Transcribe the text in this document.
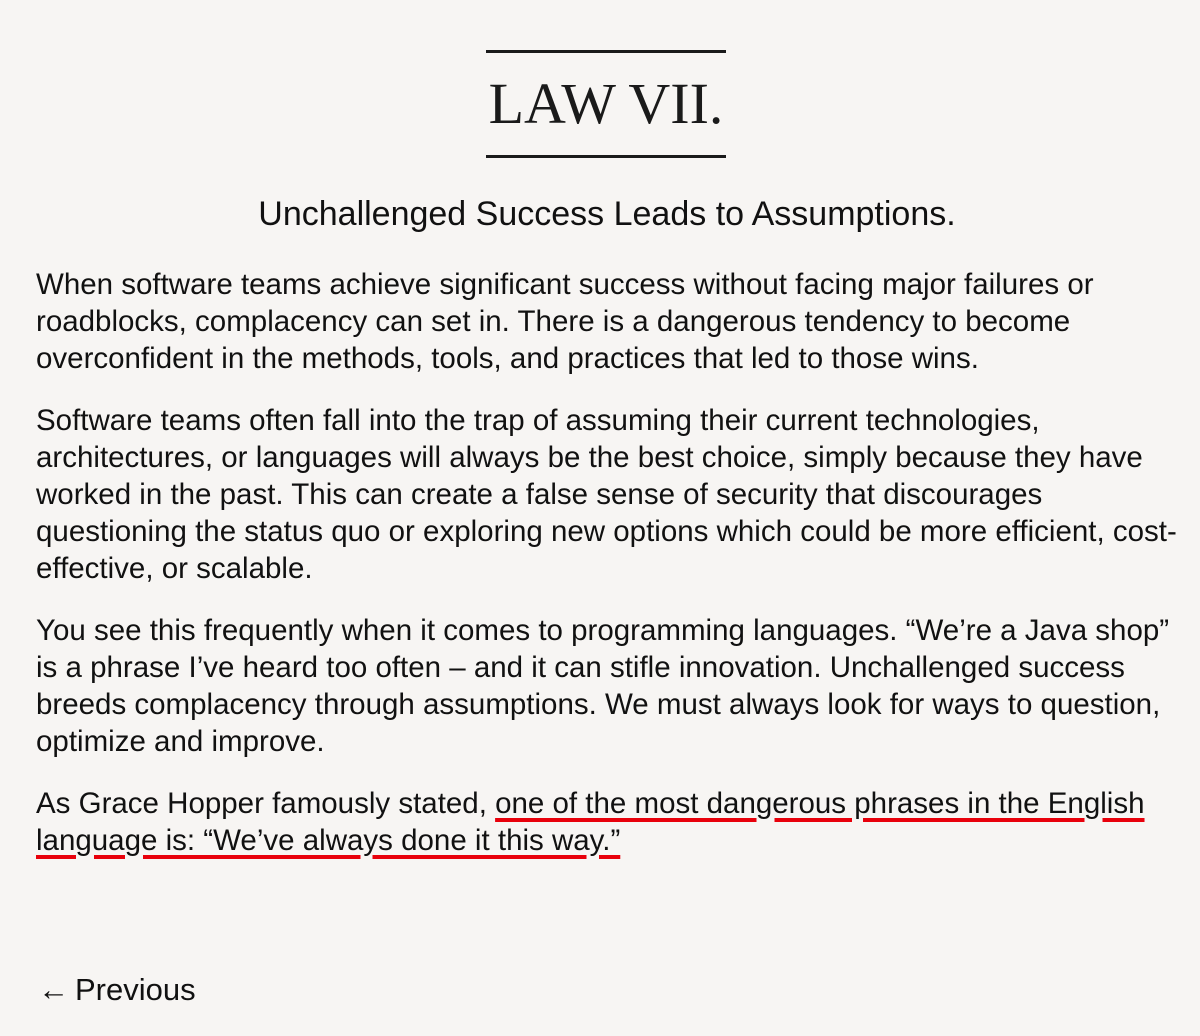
LAW VII.
Unchallenged Success Leads to Assumptions.

When software teams achieve significant success without facing major failures or roadblocks, complacency can set in. There is a dangerous tendency to become overconfident in the methods, tools, and practices that led to those wins.

Software teams often fall into the trap of assuming their current technologies, architectures, or languages will always be the best choice, simply because they have worked in the past. This can create a false sense of security that discourages questioning the status quo or exploring new options which could be more efficient, cost-effective, or scalable.

You see this frequently when it comes to programming languages. “We’re a Java shop” is a phrase I’ve heard too often – and it can stifle innovation. Unchallenged success breeds complacency through assumptions. We must always look for ways to question, optimize and improve.

As Grace Hopper famously stated, one of the most dangerous phrases in the English language is: “We’ve always done it this way.”

← Previous
